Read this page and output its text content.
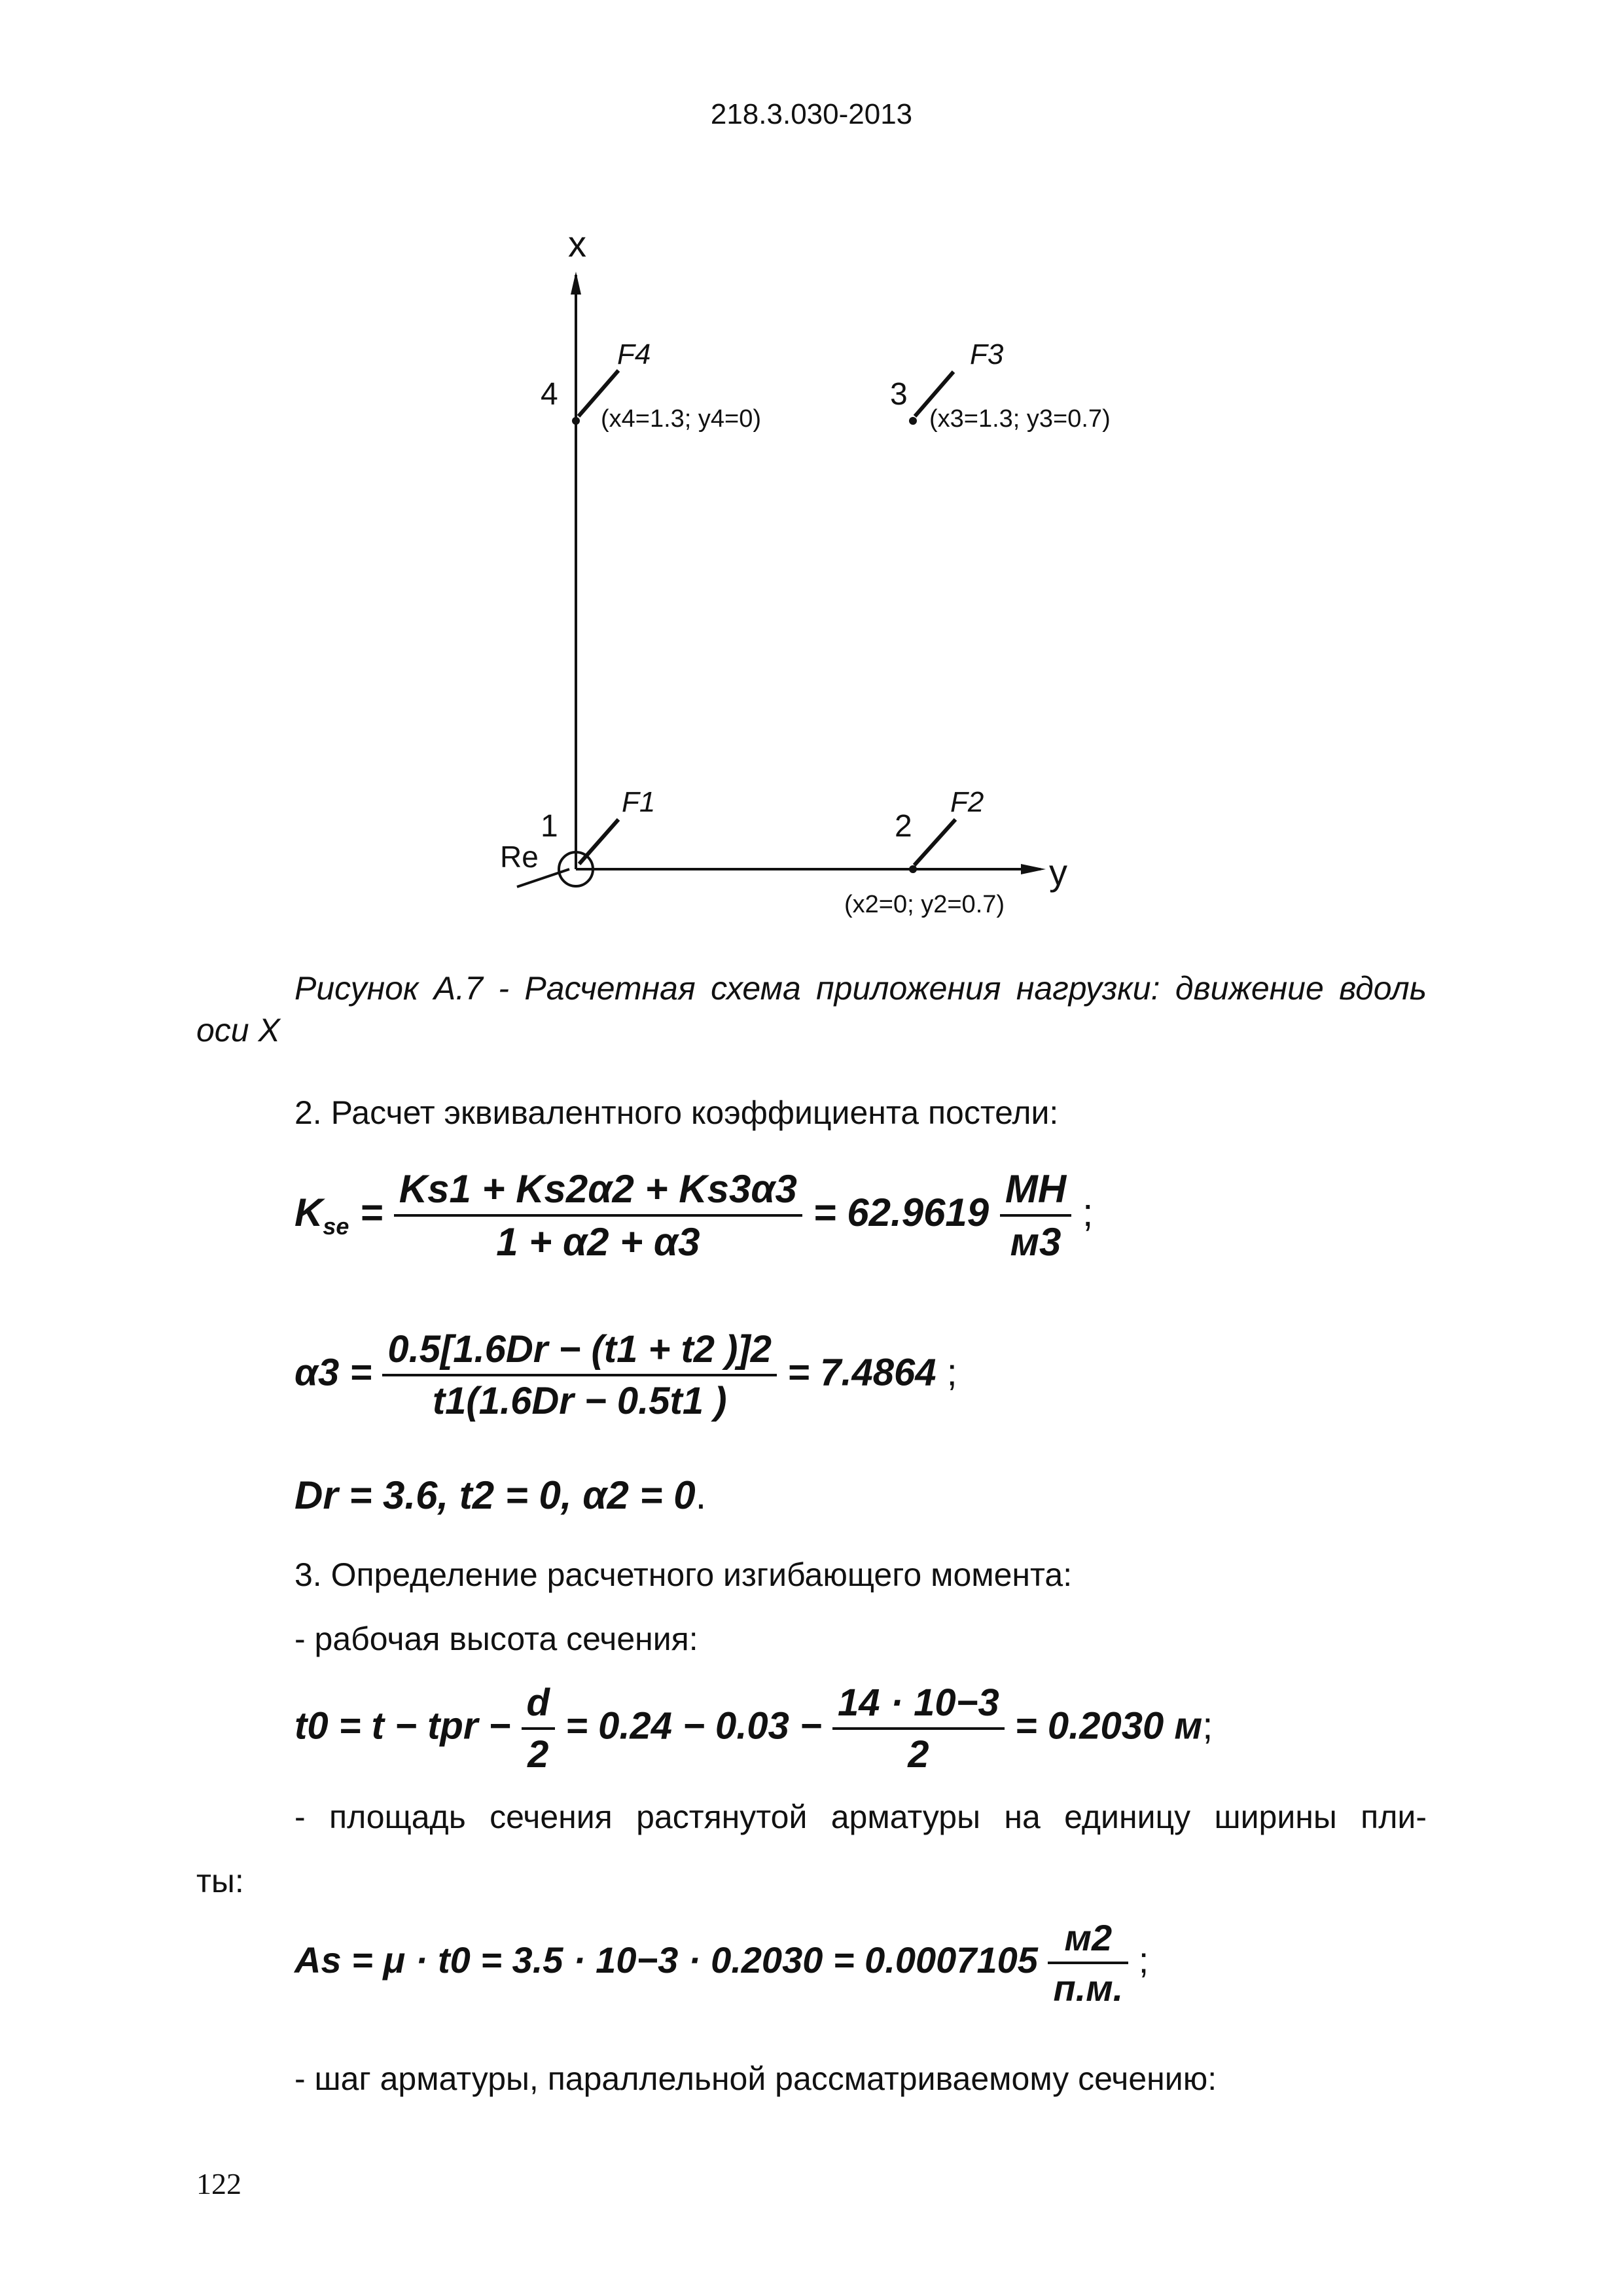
218.3.030-2013
x
y
Re
1
F1
2
F2
(x2=0; y2=0.7)
4
F4
(x4=1.3; y4=0)
3
F3
(x3=1.3; y3=0.7)
Рисунок А.7 - Расчетная схема приложения нагрузки: движение вдоль оси X
2. Расчет эквивалентного коэффициента постели:
$K_{se} = \frac{Ks1 + Ks2\alpha 2 + Ks3\alpha 3}{1 + \alpha 2 + \alpha 3} = 62.9619 \frac{МН}{м3}$ ;
$\alpha 3 = \frac{0.5[1.6Dr - (t1 + t2 )]2}{t1(1.6Dr - 0.5t1 )} = 7.4864$ ;
Dr = 3.6, t2 = 0, α2 = 0.
3. Определение расчетного изгибающего момента:
- рабочая высота сечения:
t0 = t − tpr − $\frac{d}{2} = 0.24 - 0.03 - \frac{14 \cdot 10-3}{2} = 0.2030$ м;
- площадь сечения растянутой арматуры на единицу ширины пли-
ты:
$As = \mu \cdot t0 = 3.5 \cdot 10-3 \cdot 0.2030 = 0.0007105 \frac{м2}{п.м.}$ ;
- шаг арматуры, параллельной рассматриваемому сечению:
122
